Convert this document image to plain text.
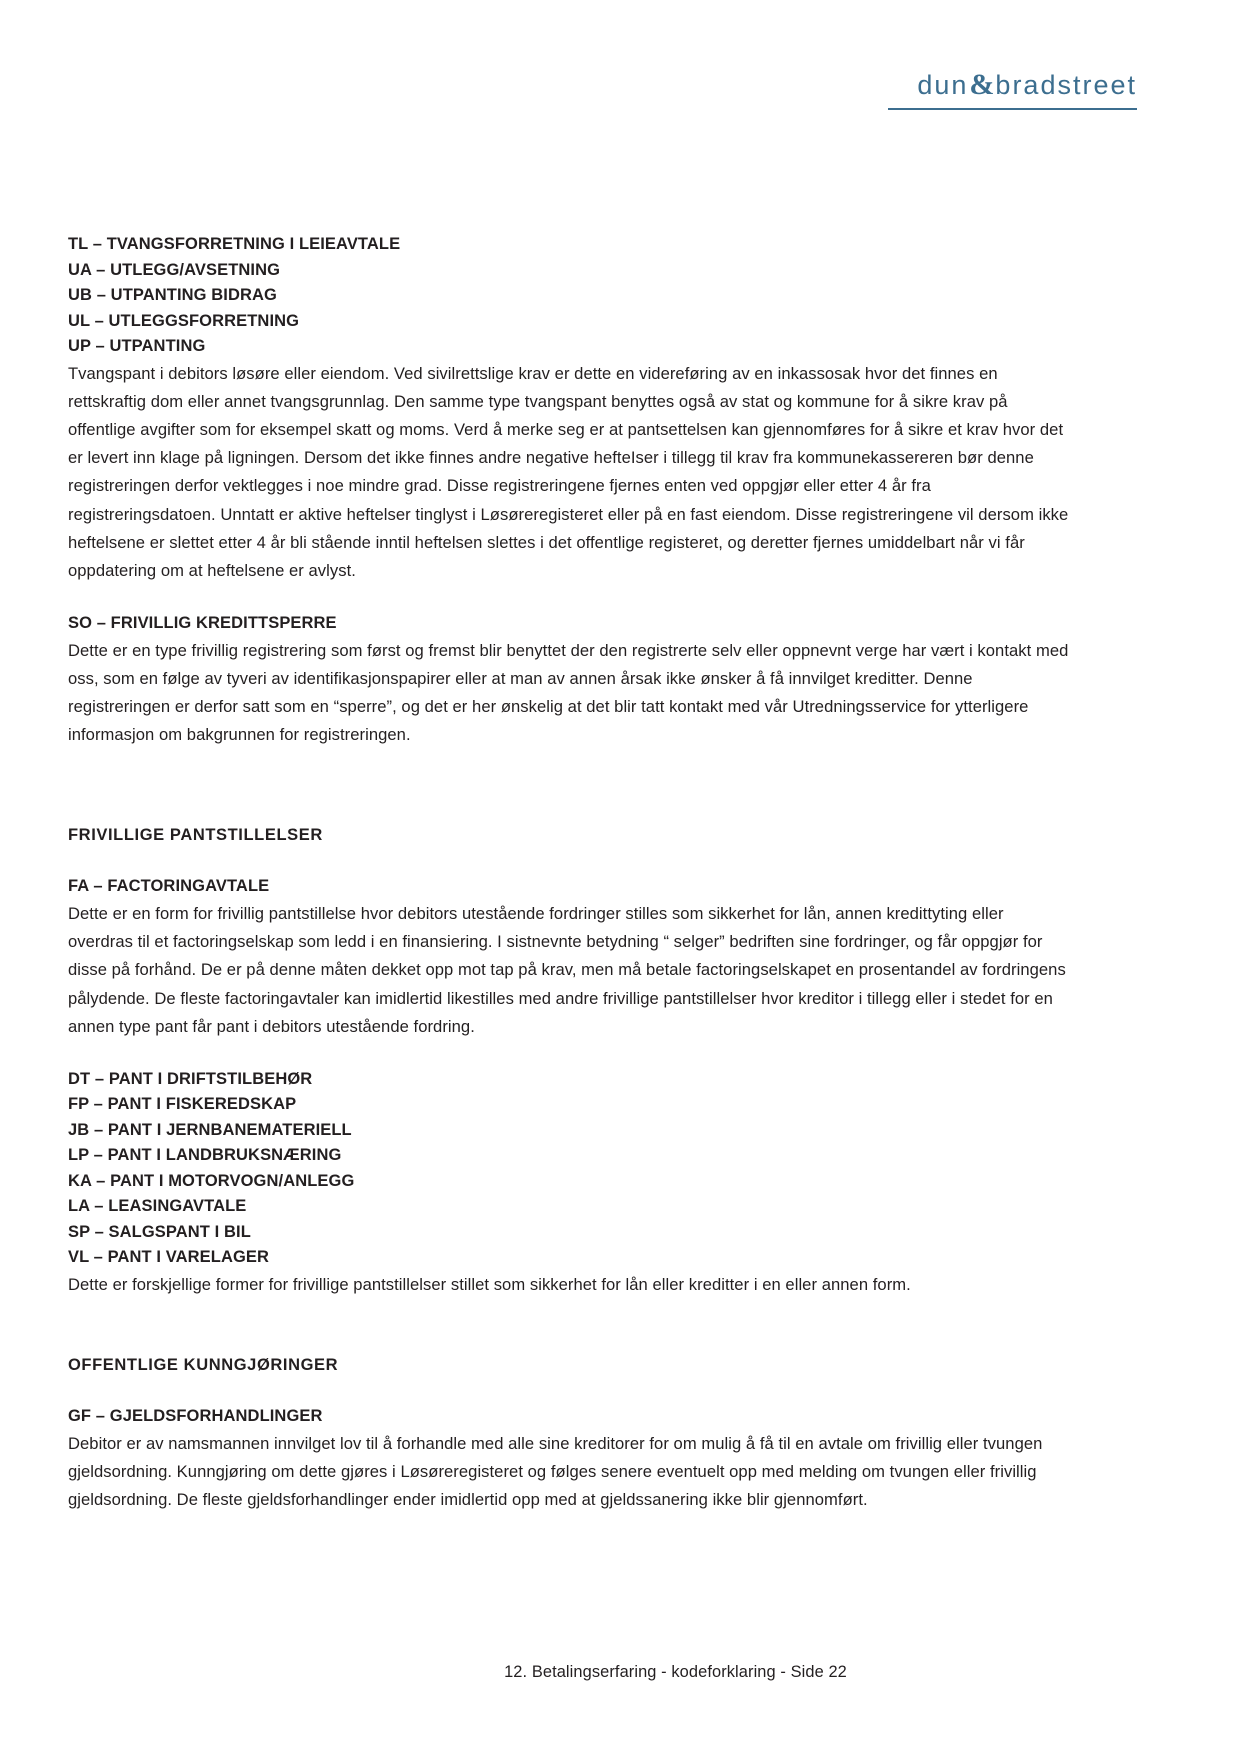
dun & bradstreet
TL – TVANGSFORRETNING I LEIEAVTALE
UA – UTLEGG/AVSETNING
UB – UTPANTING BIDRAG
UL – UTLEGGSFORRETNING
UP – UTPANTING

Tvangspant i debitors løsøre eller eiendom. Ved sivilrettslige krav er dette en videreføring av en inkassosak hvor det finnes en rettskraftig dom eller annet tvangsgrunnlag. Den samme type tvangspant benyttes også av stat og kommune for å sikre krav på offentlige avgifter som for eksempel skatt og moms. Verd å merke seg er at pantsettelsen kan gjennomføres for å sikre et krav hvor det er levert inn klage på ligningen. Dersom det ikke finnes andre negative hefteIser i tillegg til krav fra kommunekassereren bør denne registreringen derfor vektlegges i noe mindre grad. Disse registreringene fjernes enten ved oppgjør eller etter 4 år fra registreringsdatoen. Unntatt er aktive heftelser tinglyst i Løsøreregisteret eller på en fast eiendom. Disse registreringene vil dersom ikke heftelsene er slettet etter 4 år bli stående inntil heftelsen slettes i det offentlige registeret, og deretter fjernes umiddelbart når vi får oppdatering om at heftelsene er avlyst.

SO – FRIVILLIG KREDITTSPERRE

Dette er en type frivillig registrering som først og fremst blir benyttet der den registrerte selv eller oppnevnt verge har vært i kontakt med oss, som en følge av tyveri av identifikasjonspapirer eller at man av annen årsak ikke ønsker å få innvilget kreditter. Denne registreringen er derfor satt som en “sperre”, og det er her ønskelig at det blir tatt kontakt med vår Utredningsservice for ytterligere informasjon om bakgrunnen for registreringen.

FRIVILLIGE PANTSTILLELSER
FA – FACTORINGAVTALE

Dette er en form for frivillig pantstillelse hvor debitors utestående fordringer stilles som sikkerhet for lån, annen kredittyting eller overdras til et factoringselskap som ledd i en finansiering. I sistnevnte betydning “ selger” bedriften sine fordringer, og får oppgjør for disse på forhånd. De er på denne måten dekket opp mot tap på krav, men må betale factoringselskapet en prosentandel av fordringens pålydende. De fleste factoringavtaler kan imidlertid likestilles med andre frivillige pantstillelser hvor kreditor i tillegg eller i stedet for en annen type pant får pant i debitors utestående fordring.

DT – PANT I DRIFTSTILBEHØR
FP – PANT I FISKEREDSKAP
JB – PANT I JERNBANEMATERIELL
LP – PANT I LANDBRUKSNÆRING
KA – PANT I MOTORVOGN/ANLEGG
LA – LEASINGAVTALE
SP – SALGSPANT I BIL
VL – PANT I VARELAGER

Dette er forskjellige former for frivillige pantstillelser stillet som sikkerhet for lån eller kreditter i en eller annen form.

OFFENTLIGE KUNNGJØRINGER
GF – GJELDSFORHANDLINGER

Debitor er av namsmannen innvilget lov til å forhandle med alle sine kreditorer for om mulig å få til en avtale om frivillig eller tvungen gjeldsordning. Kunngjøring om dette gjøres i Løsøreregisteret og følges senere eventuelt opp med melding om tvungen eller frivillig gjeldsordning. De fleste gjeldsforhandlinger ender imidlertid opp med at gjeldssanering ikke blir gjennomført.

12. Betalingserfaring - kodeforklaring - Side 22
